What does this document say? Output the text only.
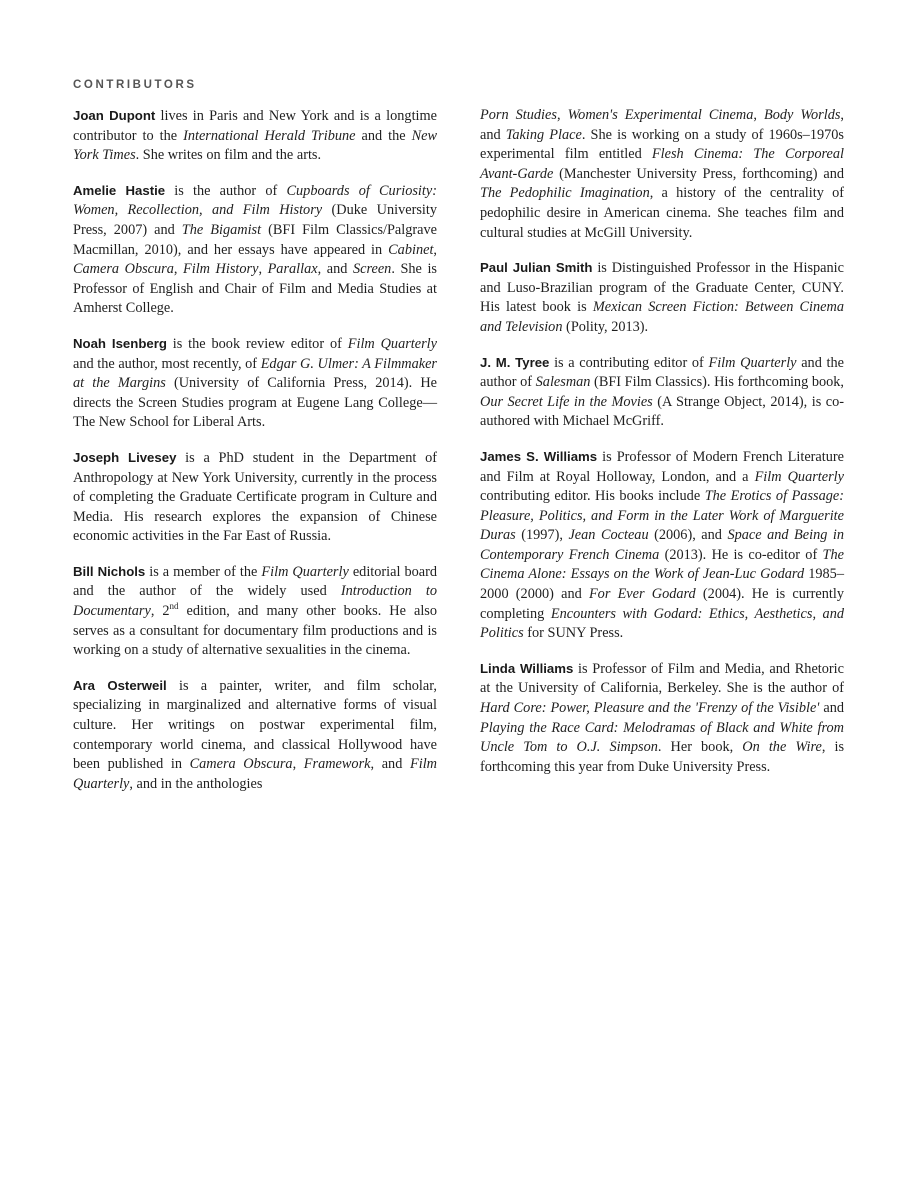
CONTRIBUTORS

Joan Dupont lives in Paris and New York and is a longtime contributor to the International Herald Tribune and the New York Times. She writes on film and the arts.

Amelie Hastie is the author of Cupboards of Curiosity: Women, Recollection, and Film History (Duke University Press, 2007) and The Bigamist (BFI Film Classics/Palgrave Macmillan, 2010), and her essays have appeared in Cabinet, Camera Obscura, Film History, Parallax, and Screen. She is Professor of English and Chair of Film and Media Studies at Amherst College.

Noah Isenberg is the book review editor of Film Quarterly and the author, most recently, of Edgar G. Ulmer: A Filmmaker at the Margins (University of California Press, 2014). He directs the Screen Studies program at Eugene Lang College—The New School for Liberal Arts.

Joseph Livesey is a PhD student in the Department of Anthropology at New York University, currently in the process of completing the Graduate Certificate program in Culture and Media. His research explores the expansion of Chinese economic activities in the Far East of Russia.

Bill Nichols is a member of the Film Quarterly editorial board and the author of the widely used Introduction to Documentary, 2nd edition, and many other books. He also serves as a consultant for documentary film productions and is working on a study of alternative sexualities in the cinema.

Ara Osterweil is a painter, writer, and film scholar, specializing in marginalized and alternative forms of visual culture. Her writings on postwar experimental film, contemporary world cinema, and classical Hollywood have been published in Camera Obscura, Framework, and Film Quarterly, and in the anthologies

Porn Studies, Women's Experimental Cinema, Body Worlds, and Taking Place. She is working on a study of 1960s–1970s experimental film entitled Flesh Cinema: The Corporeal Avant-Garde (Manchester University Press, forthcoming) and The Pedophilic Imagination, a history of the centrality of pedophilic desire in American cinema. She teaches film and cultural studies at McGill University.

Paul Julian Smith is Distinguished Professor in the Hispanic and Luso-Brazilian program of the Graduate Center, CUNY. His latest book is Mexican Screen Fiction: Between Cinema and Television (Polity, 2013).

J. M. Tyree is a contributing editor of Film Quarterly and the author of Salesman (BFI Film Classics). His forthcoming book, Our Secret Life in the Movies (A Strange Object, 2014), is co-authored with Michael McGriff.

James S. Williams is Professor of Modern French Literature and Film at Royal Holloway, London, and a Film Quarterly contributing editor. His books include The Erotics of Passage: Pleasure, Politics, and Form in the Later Work of Marguerite Duras (1997), Jean Cocteau (2006), and Space and Being in Contemporary French Cinema (2013). He is co-editor of The Cinema Alone: Essays on the Work of Jean-Luc Godard 1985–2000 (2000) and For Ever Godard (2004). He is currently completing Encounters with Godard: Ethics, Aesthetics, and Politics for SUNY Press.

Linda Williams is Professor of Film and Media, and Rhetoric at the University of California, Berkeley. She is the author of Hard Core: Power, Pleasure and the 'Frenzy of the Visible' and Playing the Race Card: Melodramas of Black and White from Uncle Tom to O.J. Simpson. Her book, On the Wire, is forthcoming this year from Duke University Press.
